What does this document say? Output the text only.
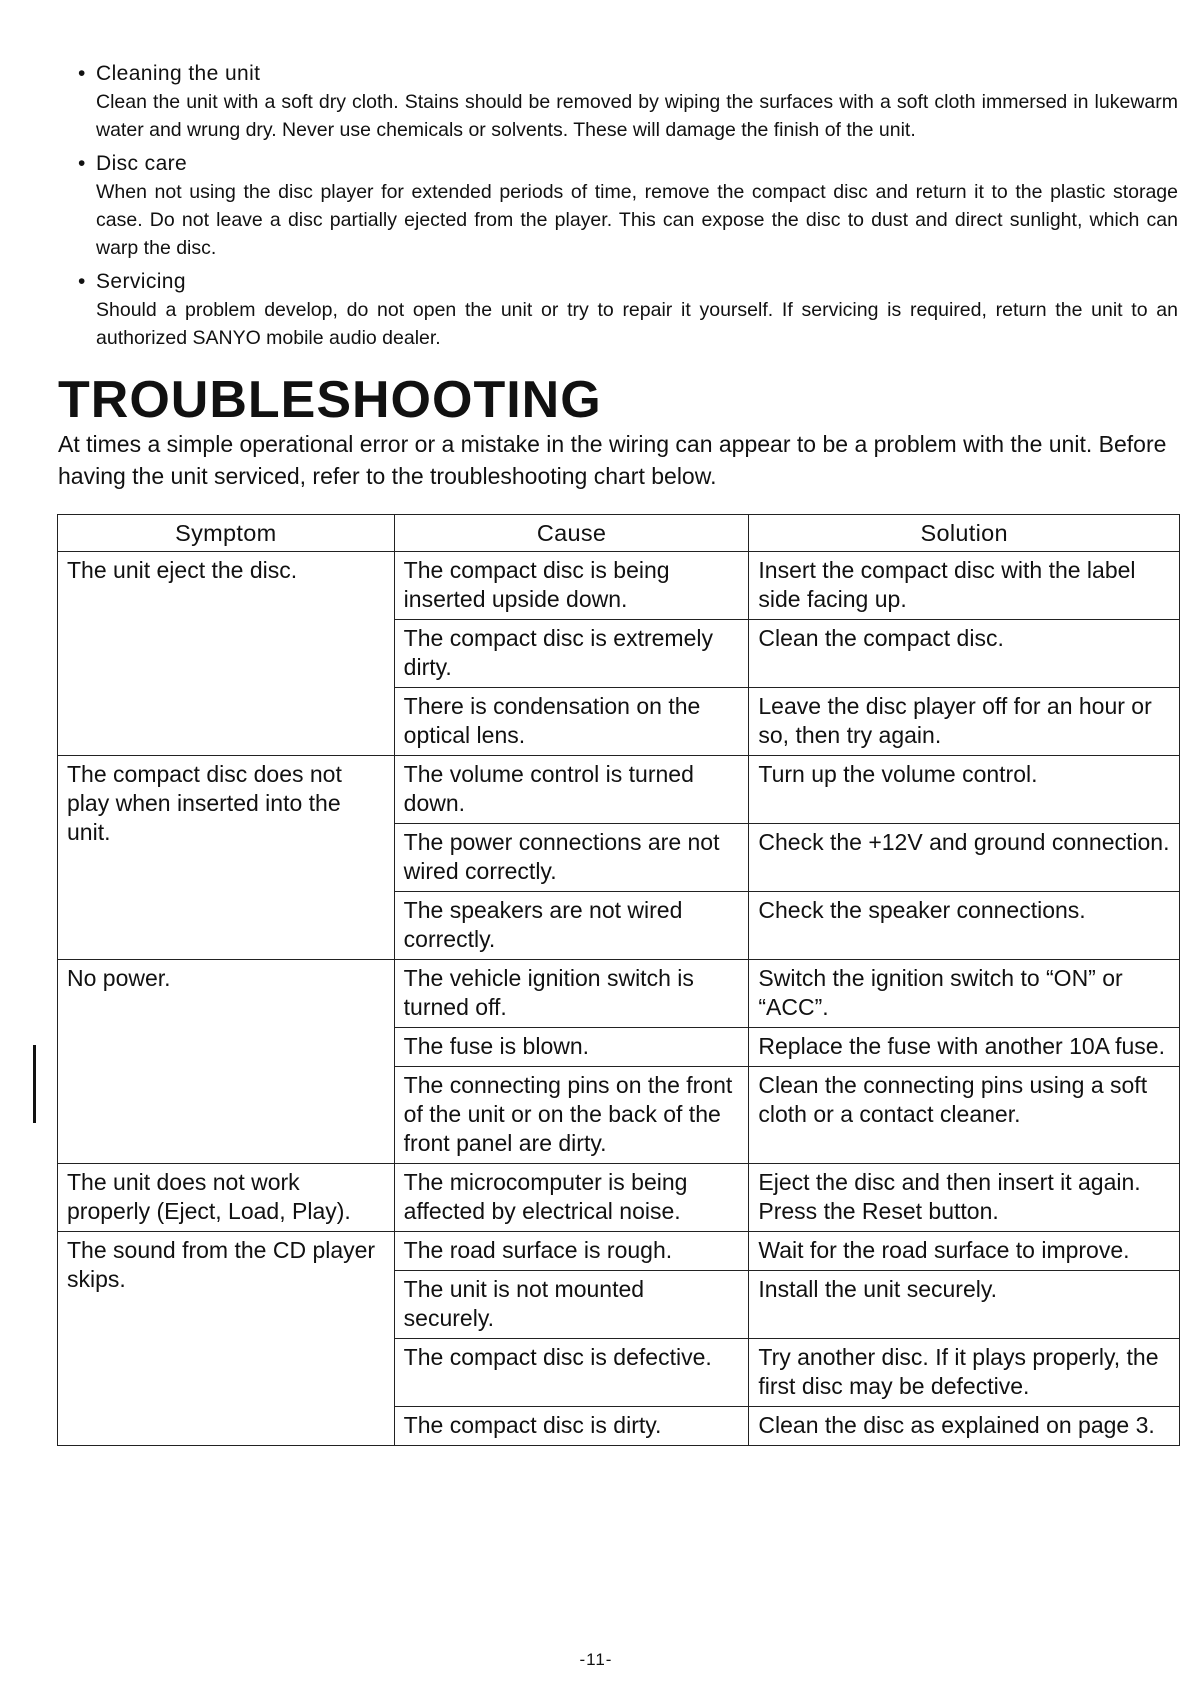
• Cleaning the unit
Clean the unit with a soft dry cloth. Stains should be removed by wiping the surfaces with a soft cloth immersed in lukewarm water and wrung dry. Never use chemicals or solvents. These will damage the finish of the unit.
• Disc care
When not using the disc player for extended periods of time, remove the compact disc and return it to the plastic storage case. Do not leave a disc partially ejected from the player. This can expose the disc to dust and direct sunlight, which can warp the disc.
• Servicing
Should a problem develop, do not open the unit or try to repair it yourself. If servicing is required, return the unit to an authorized SANYO mobile audio dealer.
TROUBLESHOOTING
At times a simple operational error or a mistake in the wiring can appear to be a problem with the unit. Before having the unit serviced, refer to the troubleshooting chart below.
Symptom	Cause	Solution
The unit eject the disc.	The compact disc is being inserted upside down.	Insert the compact disc with the label side facing up.
	The compact disc is extremely dirty.	Clean the compact disc.
	There is condensation on the optical lens.	Leave the disc player off for an hour or so, then try again.
The compact disc does not play when inserted into the unit.	The volume control is turned down.	Turn up the volume control.
	The power connections are not wired correctly.	Check the +12V and ground connection.
	The speakers are not wired correctly.	Check the speaker connections.
No power.	The vehicle ignition switch is turned off.	Switch the ignition switch to “ON” or “ACC”.
	The fuse is blown.	Replace the fuse with another 10A fuse.
	The connecting pins on the front of the unit or on the back of the front panel are dirty.	Clean the connecting pins using a soft cloth or a contact cleaner.
The unit does not work properly (Eject, Load, Play).	The microcomputer is being affected by electrical noise.	Eject the disc and then insert it again. Press the Reset button.
The sound from the CD player skips.	The road surface is rough.	Wait for the road surface to improve.
	The unit is not mounted securely.	Install the unit securely.
	The compact disc is defective.	Try another disc. If it plays properly, the first disc may be defective.
	The compact disc is dirty.	Clean the disc as explained on page 3.
-11-
